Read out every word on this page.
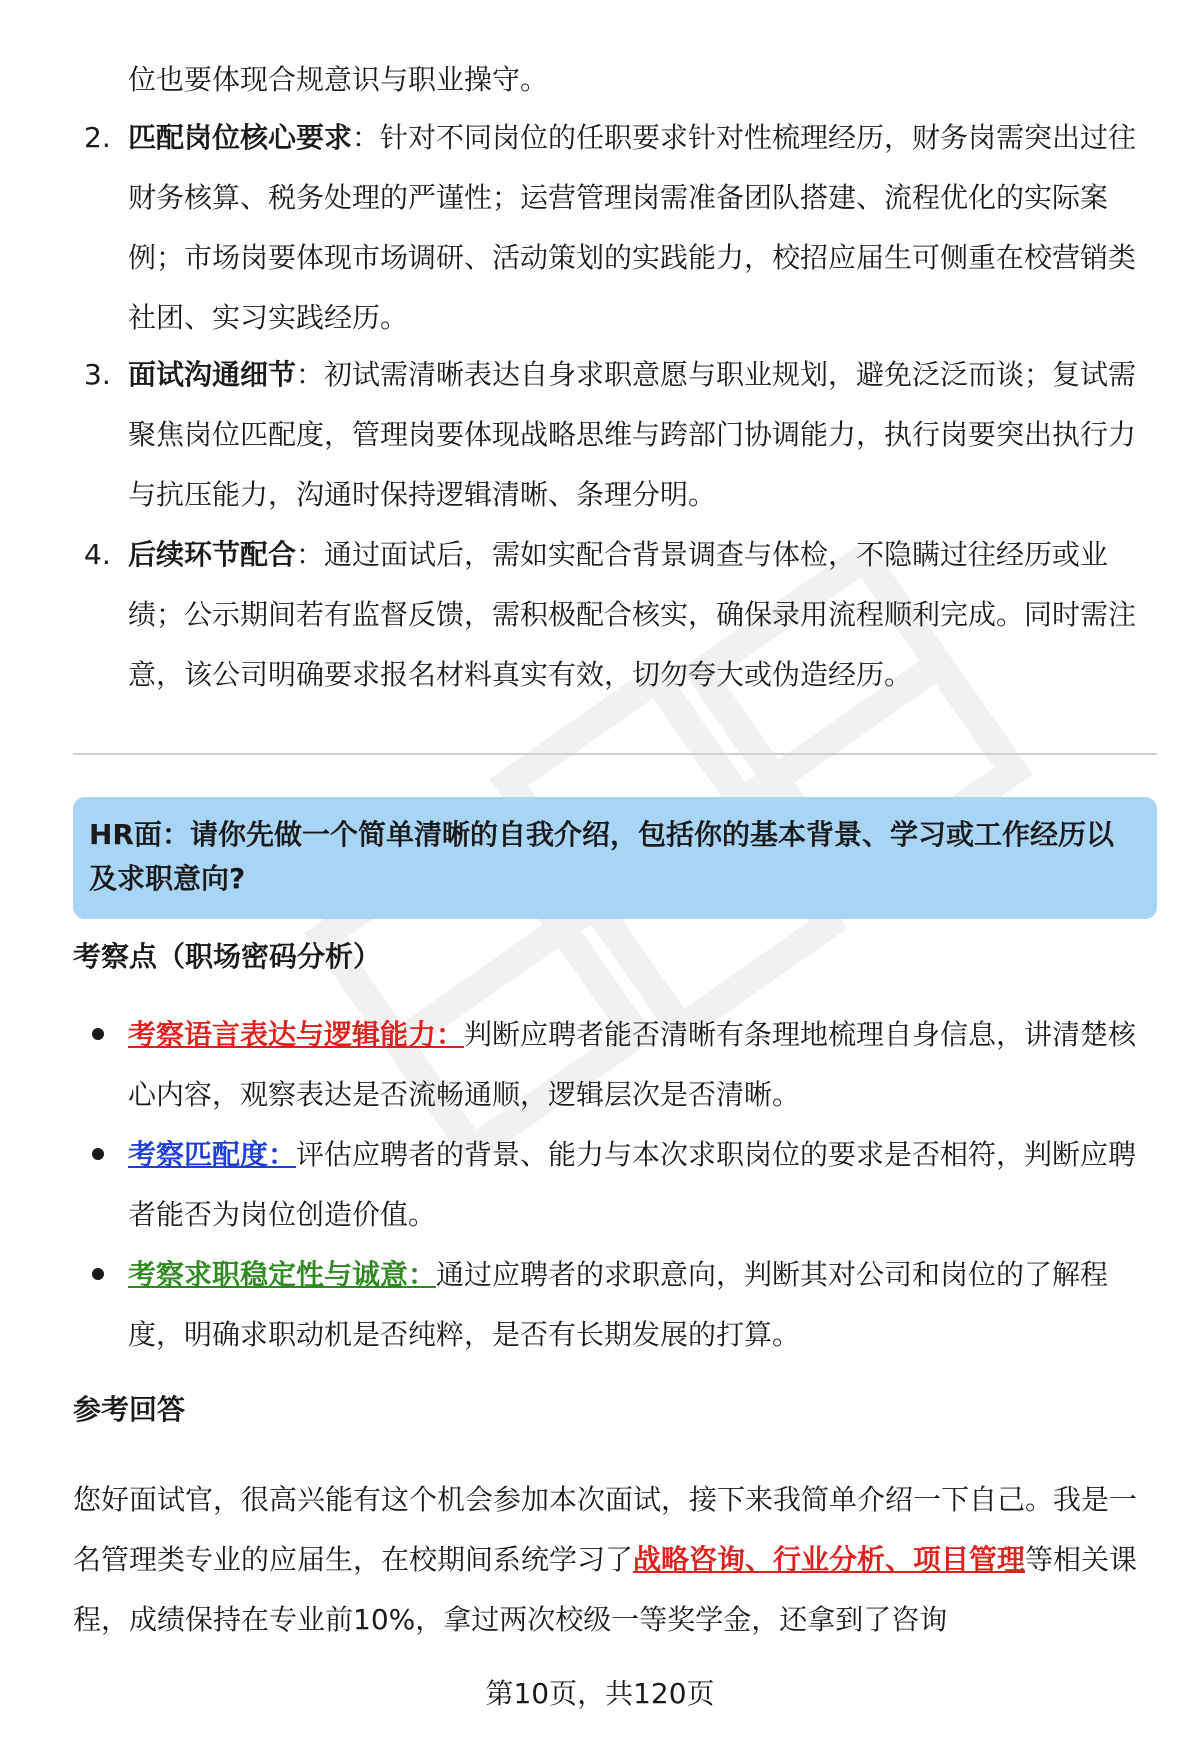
位也要体现合规意识与职业操守。
2. 匹配岗位核心要求：针对不同岗位的任职要求针对性梳理经历，财务岗需突出过往财务核算、税务处理的严谨性；运营管理岗需准备团队搭建、流程优化的实际案例；市场岗要体现市场调研、活动策划的实践能力，校招应届生可侧重在校营销类社团、实习实践经历。
3. 面试沟通细节：初试需清晰表达自身求职意愿与职业规划，避免泛泛而谈；复试需聚焦岗位匹配度，管理岗要体现战略思维与跨部门协调能力，执行岗要突出执行力与抗压能力，沟通时保持逻辑清晰、条理分明。
4. 后续环节配合：通过面试后，需如实配合背景调查与体检，不隐瞒过往经历或业绩；公示期间若有监督反馈，需积极配合核实，确保录用流程顺利完成。同时需注意，该公司明确要求报名材料真实有效，切勿夸大或伪造经历。
HR面：请你先做一个简单清晰的自我介绍，包括你的基本背景、学习或工作经历以及求职意向?
考察点（职场密码分析）
考察语言表达与逻辑能力：判断应聘者能否清晰有条理地梳理自身信息，讲清楚核心内容，观察表达是否流畅通顺，逻辑层次是否清晰。
考察匹配度：评估应聘者的背景、能力与本次求职岗位的要求是否相符，判断应聘者能否为岗位创造价值。
考察求职稳定性与诚意：通过应聘者的求职意向，判断其对公司和岗位的了解程度，明确求职动机是否纯粹，是否有长期发展的打算。
参考回答
您好面试官，很高兴能有这个机会参加本次面试，接下来我简单介绍一下自己。我是一名管理类专业的应届生，在校期间系统学习了战略咨询、行业分析、项目管理等相关课程，成绩保持在专业前10%，拿过两次校级一等奖学金，还拿到了咨询
第10页，共120页
